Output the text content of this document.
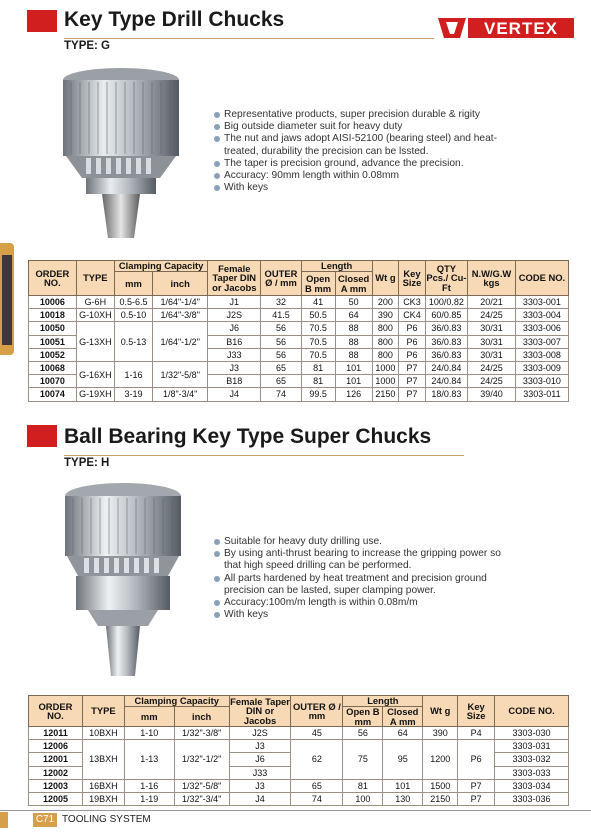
Key Type Drill Chucks
TYPE: G
VERTEX
Representative products, super precision durable & rigity
Big outside diameter suit for heavy duty
The nut and jaws adopt AISI-52100 (bearing steel) and heat-treated, durability the precision can be lssted.
The taper is precision ground, advance the precision.
Accuracy: 90mm length within 0.08mm
With keys
ORDER NO.	TYPE	Clamping Capacity		Female Taper DIN or Jacobs	OUTER Ø / mm	Length		Wt g	Key Size	QTY Pcs./ Cu-Ft	N.W/G.W kgs	CODE NO.
		mm	inch			Open B mm	Closed A mm					
10006	G-6H	0.5-6.5	1/64"-1/4"	J1	32	41	50	200	CK3	100/0.82	20/21	3303-001
10018	G-10XH	0.5-10	1/64"-3/8"	J2S	41.5	50.5	64	390	CK4	60/0.85	24/25	3303-004
10050	G-13XH	0.5-13	1/64"-1/2"	J6	56	70.5	88	800	P6	36/0.83	30/31	3303-006
10051				B16	56	70.5	88	800	P6	36/0.83	30/31	3303-007
10052				J33	56	70.5	88	800	P6	36/0.83	30/31	3303-008
10068	G-16XH	1-16	1/32"-5/8"	J3	65	81	101	1000	P7	24/0.84	24/25	3303-009
10070				B18	65	81	101	1000	P7	24/0.84	24/25	3303-010
10074	G-19XH	3-19	1/8"-3/4"	J4	74	99.5	126	2150	P7	18/0.83	39/40	3303-011
Ball Bearing Key Type Super Chucks
TYPE: H
Suitable for heavy duty drilling use.
By using anti-thrust bearing to increase the gripping power so that high speed drilling can be performed.
All parts hardened by heat treatment and precision ground precision can be lasted, super clamping power.
Accuracy:100m/m length is within 0.08m/m
With keys
ORDER NO.	TYPE	Clamping Capacity		Female Taper DIN or Jacobs	OUTER Ø / mm	Length		Wt g	Key Size	CODE NO.
		mm	inch			Open B mm	Closed A mm			
12011	10BXH	1-10	1/32"-3/8"	J2S	45	56	64	390	P4	3303-030
12006	13BXH	1-13	1/32"-1/2"	J3	62	75	95	1200	P6	3303-031
12001				J6						3303-032
12002				J33						3303-033
12003	16BXH	1-16	1/32"-5/8"	J3	65	81	101	1500	P7	3303-034
12005	19BXH	1-19	1/32"-3/4"	J4	74	100	130	2150	P7	3303-036
C71 TOOLING SYSTEM
